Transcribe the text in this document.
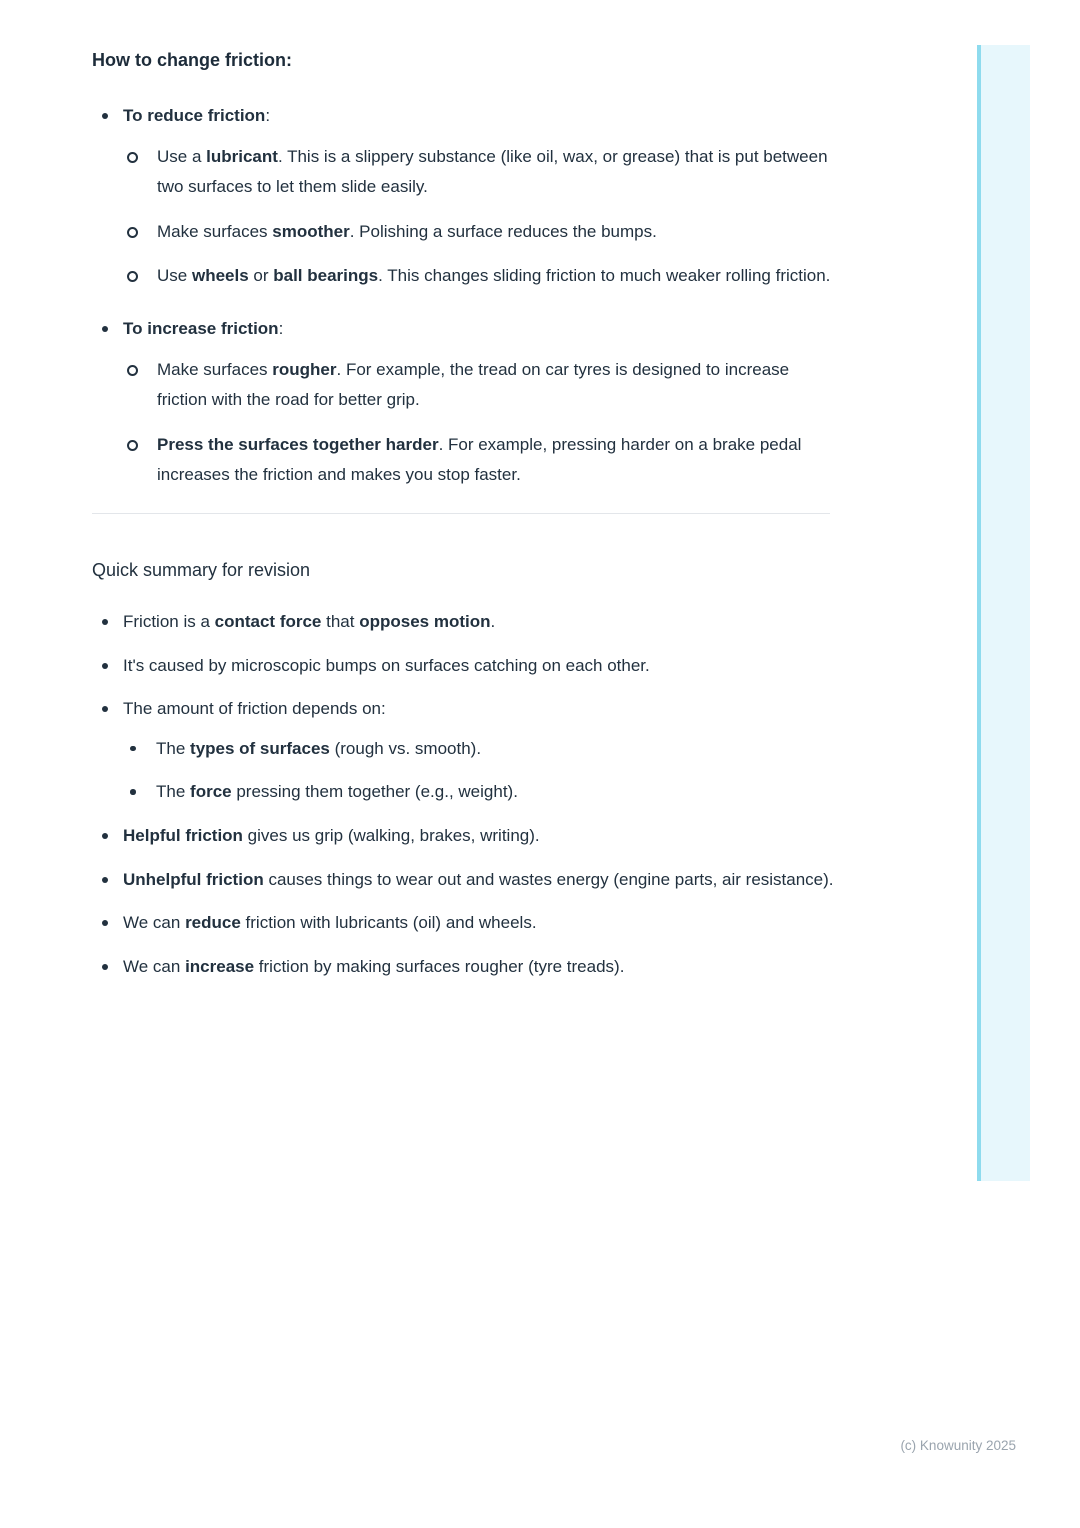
How to change friction:
To reduce friction:
Use a lubricant. This is a slippery substance (like oil, wax, or grease) that is put between two surfaces to let them slide easily.
Make surfaces smoother. Polishing a surface reduces the bumps.
Use wheels or ball bearings. This changes sliding friction to much weaker rolling friction.
To increase friction:
Make surfaces rougher. For example, the tread on car tyres is designed to increase friction with the road for better grip.
Press the surfaces together harder. For example, pressing harder on a brake pedal increases the friction and makes you stop faster.

Quick summary for revision

Friction is a contact force that opposes motion.
It's caused by microscopic bumps on surfaces catching on each other.
The amount of friction depends on:
The types of surfaces (rough vs. smooth).
The force pressing them together (e.g., weight).
Helpful friction gives us grip (walking, brakes, writing).
Unhelpful friction causes things to wear out and wastes energy (engine parts, air resistance).
We can reduce friction with lubricants (oil) and wheels.
We can increase friction by making surfaces rougher (tyre treads).
(c) Knowunity 2025
